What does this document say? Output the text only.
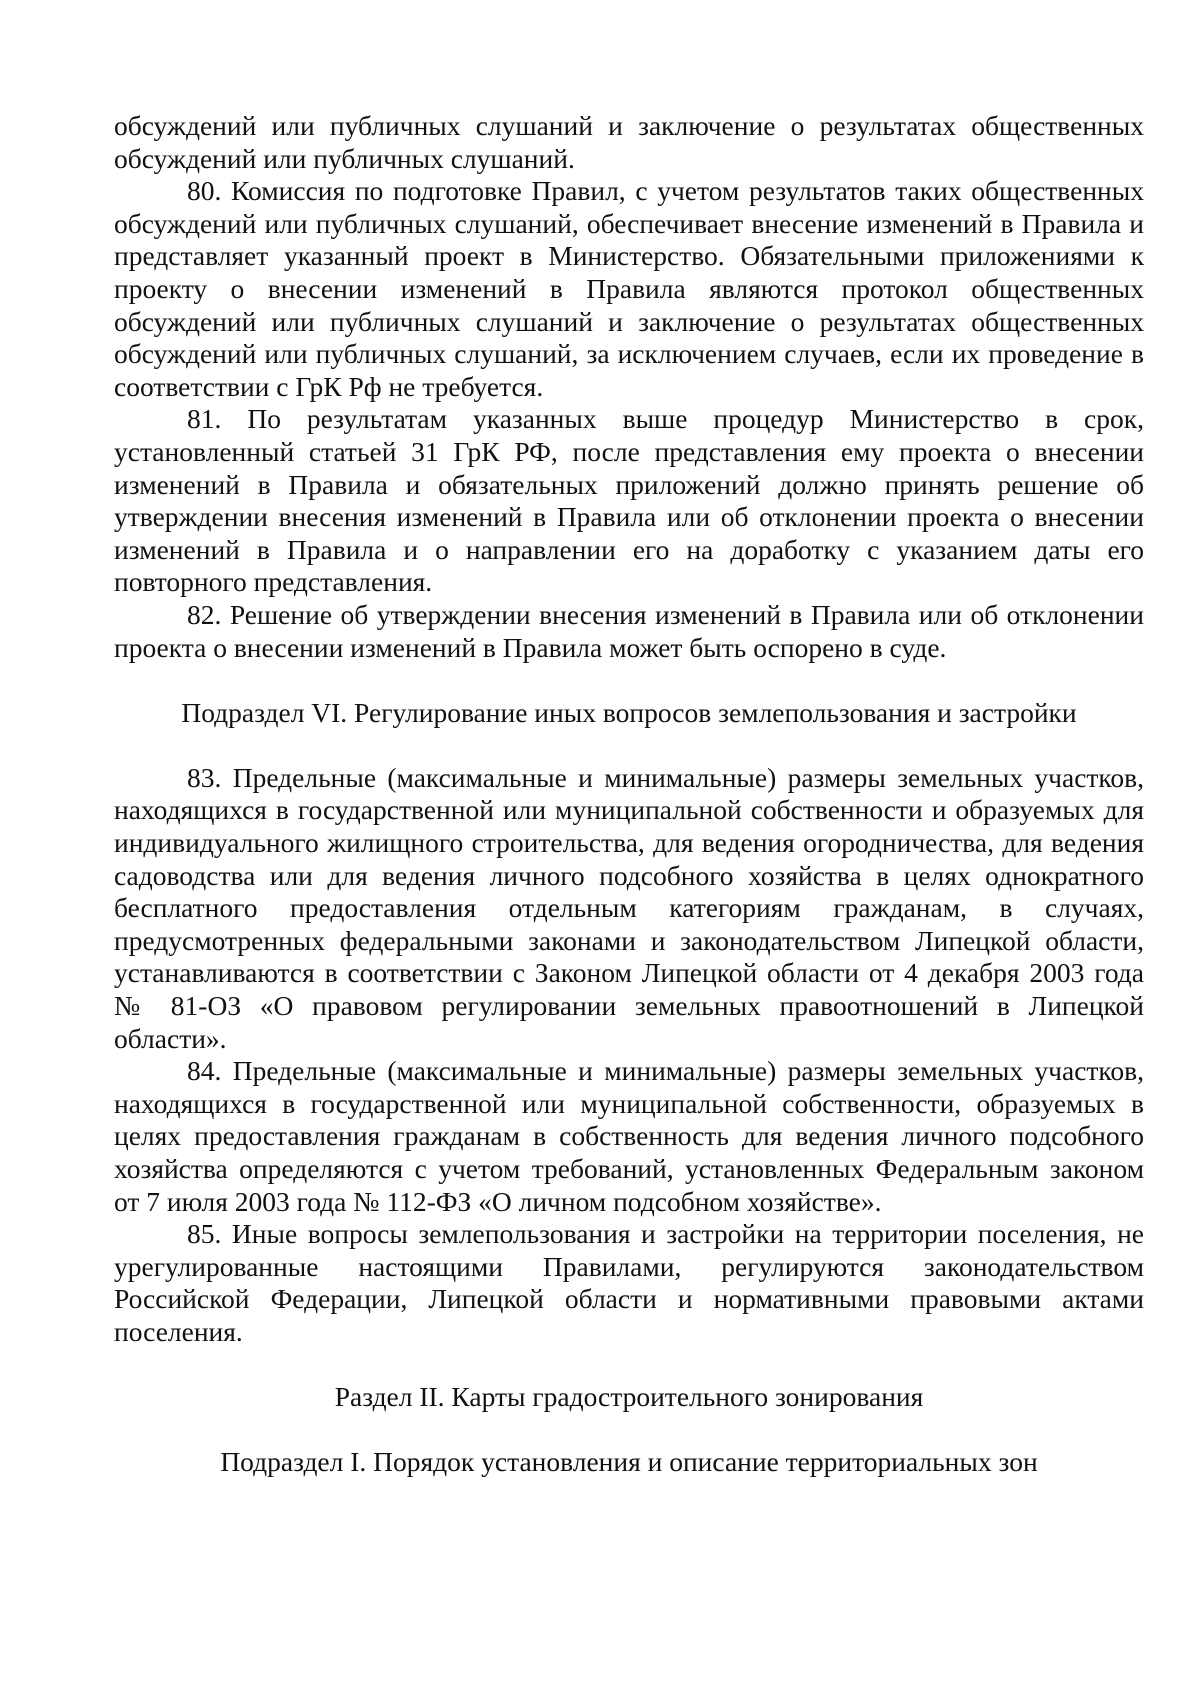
обсуждений или публичных слушаний и заключение о результатах общественных обсуждений или публичных слушаний.

80. Комиссия по подготовке Правил, с учетом результатов таких общественных обсуждений или публичных слушаний, обеспечивает внесение изменений в Правила и представляет указанный проект в Министерство. Обязательными приложениями к проекту о внесении изменений в Правила являются протокол общественных обсуждений или публичных слушаний и заключение о результатах общественных обсуждений или публичных слушаний, за исключением случаев, если их проведение в соответствии с ГрК Рф не требуется.

81. По результатам указанных выше процедур Министерство в срок, установленный статьей 31 ГрК РФ, после представления ему проекта о внесении изменений в Правила и обязательных приложений должно принять решение об утверждении внесения изменений в Правила или об отклонении проекта о внесении изменений в Правила и о направлении его на доработку с указанием даты его повторного представления.

82. Решение об утверждении внесения изменений в Правила или об отклонении проекта о внесении изменений в Правила может быть оспорено в суде.

Подраздел VI. Регулирование иных вопросов землепользования и застройки

83. Предельные (максимальные и минимальные) размеры земельных участков, находящихся в государственной или муниципальной собственности и образуемых для индивидуального жилищного строительства, для ведения огородничества, для ведения садоводства или для ведения личного подсобного хозяйства в целях однократного бесплатного предоставления отдельным категориям гражданам, в случаях, предусмотренных федеральными законами и законодательством Липецкой области, устанавливаются в соответствии с Законом Липецкой области от 4 декабря 2003 года № 81-ОЗ «О правовом регулировании земельных правоотношений в Липецкой области».

84. Предельные (максимальные и минимальные) размеры земельных участков, находящихся в государственной или муниципальной собственности, образуемых в целях предоставления гражданам в собственность для ведения личного подсобного хозяйства определяются с учетом требований, установленных Федеральным законом от 7 июля 2003 года № 112-ФЗ «О личном подсобном хозяйстве».

85. Иные вопросы землепользования и застройки на территории поселения, не урегулированные настоящими Правилами, регулируются законодательством Российской Федерации, Липецкой области и нормативными правовыми актами поселения.

Раздел II. Карты градостроительного зонирования

Подраздел I. Порядок установления и описание территориальных зон
